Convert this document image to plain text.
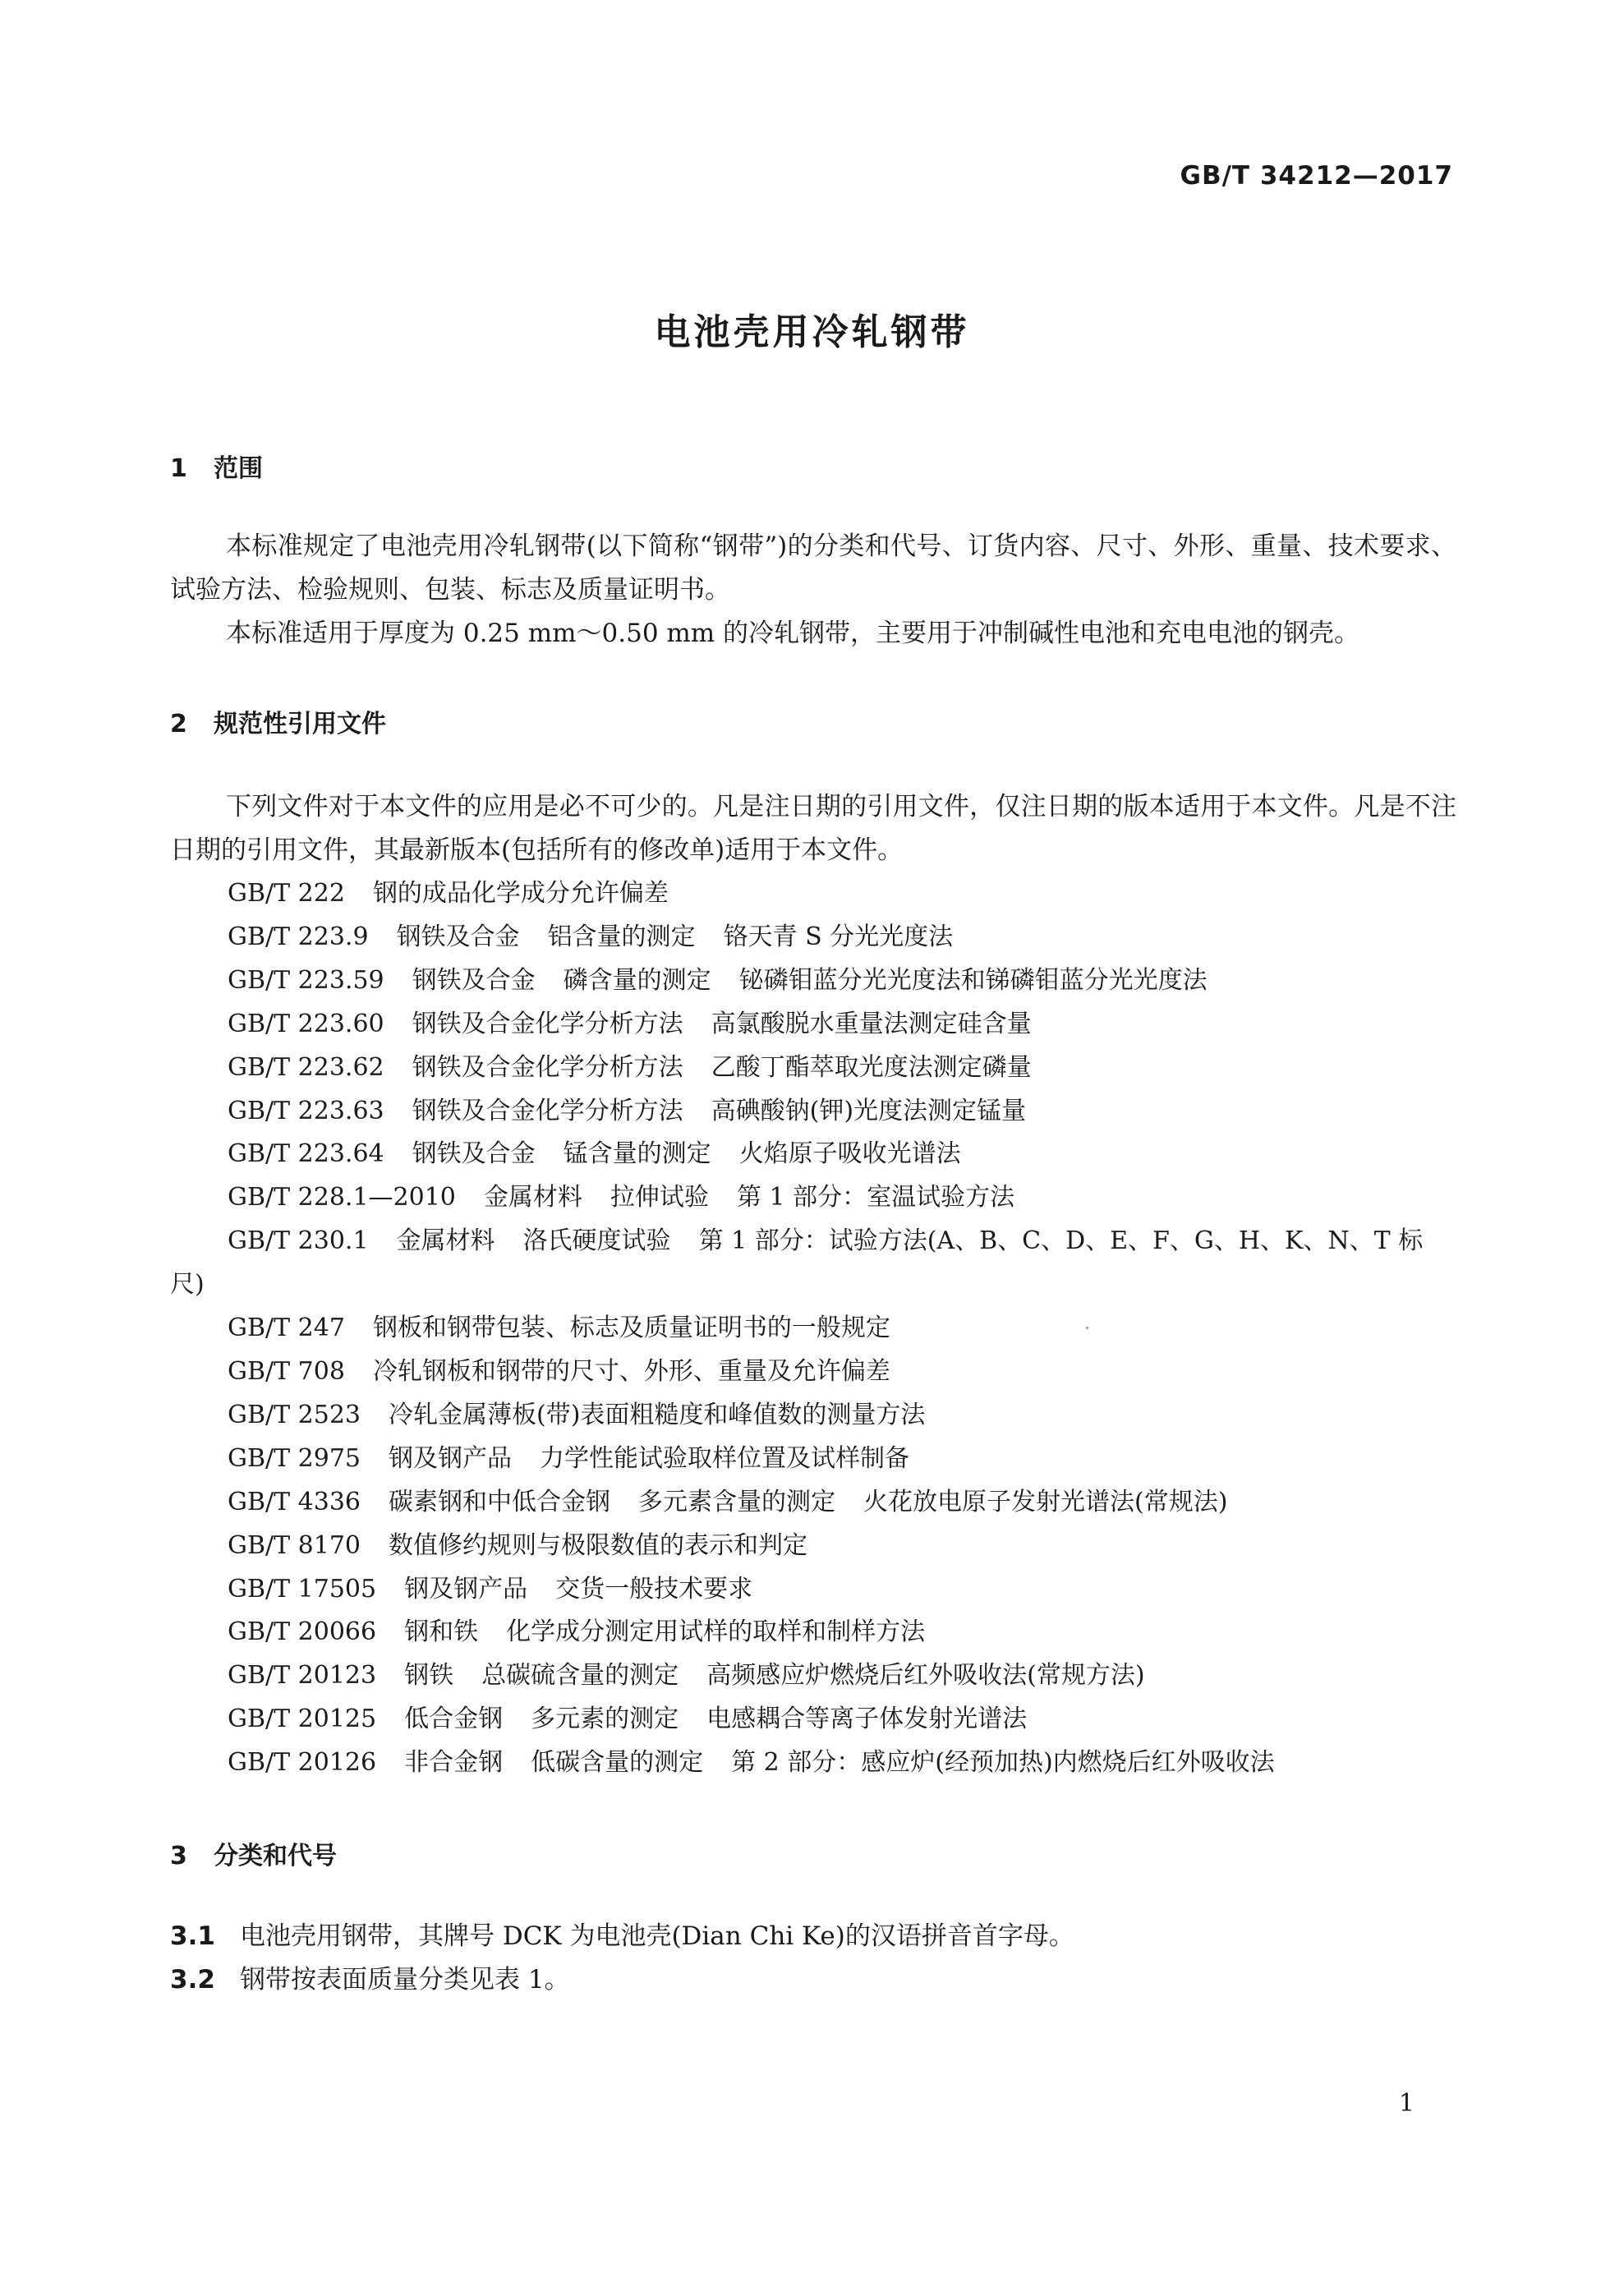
GB/T 34212—2017
电池壳用冷轧钢带
1 范围
本标准规定了电池壳用冷轧钢带(以下简称“钢带”)的分类和代号、订货内容、尺寸、外形、重量、技术要求、试验方法、检验规则、包装、标志及质量证明书。
本标准适用于厚度为 0.25 mm～0.50 mm 的冷轧钢带，主要用于冲制碱性电池和充电电池的钢壳。
2 规范性引用文件
下列文件对于本文件的应用是必不可少的。凡是注日期的引用文件，仅注日期的版本适用于本文件。凡是不注日期的引用文件，其最新版本(包括所有的修改单)适用于本文件。
GB/T 222 钢的成品化学成分允许偏差
GB/T 223.9 钢铁及合金 铝含量的测定 铬天青 S 分光光度法
GB/T 223.59 钢铁及合金 磷含量的测定 铋磷钼蓝分光光度法和锑磷钼蓝分光光度法
GB/T 223.60 钢铁及合金化学分析方法 高氯酸脱水重量法测定硅含量
GB/T 223.62 钢铁及合金化学分析方法 乙酸丁酯萃取光度法测定磷量
GB/T 223.63 钢铁及合金化学分析方法 高碘酸钠(钾)光度法测定锰量
GB/T 223.64 钢铁及合金 锰含量的测定 火焰原子吸收光谱法
GB/T 228.1—2010 金属材料 拉伸试验 第 1 部分：室温试验方法
GB/T 230.1 金属材料 洛氏硬度试验 第 1 部分：试验方法(A、B、C、D、E、F、G、H、K、N、T 标尺)
GB/T 247 钢板和钢带包装、标志及质量证明书的一般规定
GB/T 708 冷轧钢板和钢带的尺寸、外形、重量及允许偏差
GB/T 2523 冷轧金属薄板(带)表面粗糙度和峰值数的测量方法
GB/T 2975 钢及钢产品 力学性能试验取样位置及试样制备
GB/T 4336 碳素钢和中低合金钢 多元素含量的测定 火花放电原子发射光谱法(常规法)
GB/T 8170 数值修约规则与极限数值的表示和判定
GB/T 17505 钢及钢产品 交货一般技术要求
GB/T 20066 钢和铁 化学成分测定用试样的取样和制样方法
GB/T 20123 钢铁 总碳硫含量的测定 高频感应炉燃烧后红外吸收法(常规方法)
GB/T 20125 低合金钢 多元素的测定 电感耦合等离子体发射光谱法
GB/T 20126 非合金钢 低碳含量的测定 第 2 部分：感应炉(经预加热)内燃烧后红外吸收法
3 分类和代号
3.1 电池壳用钢带，其牌号 DCK 为电池壳(Dian Chi Ke)的汉语拼音首字母。
3.2 钢带按表面质量分类见表 1。
1
